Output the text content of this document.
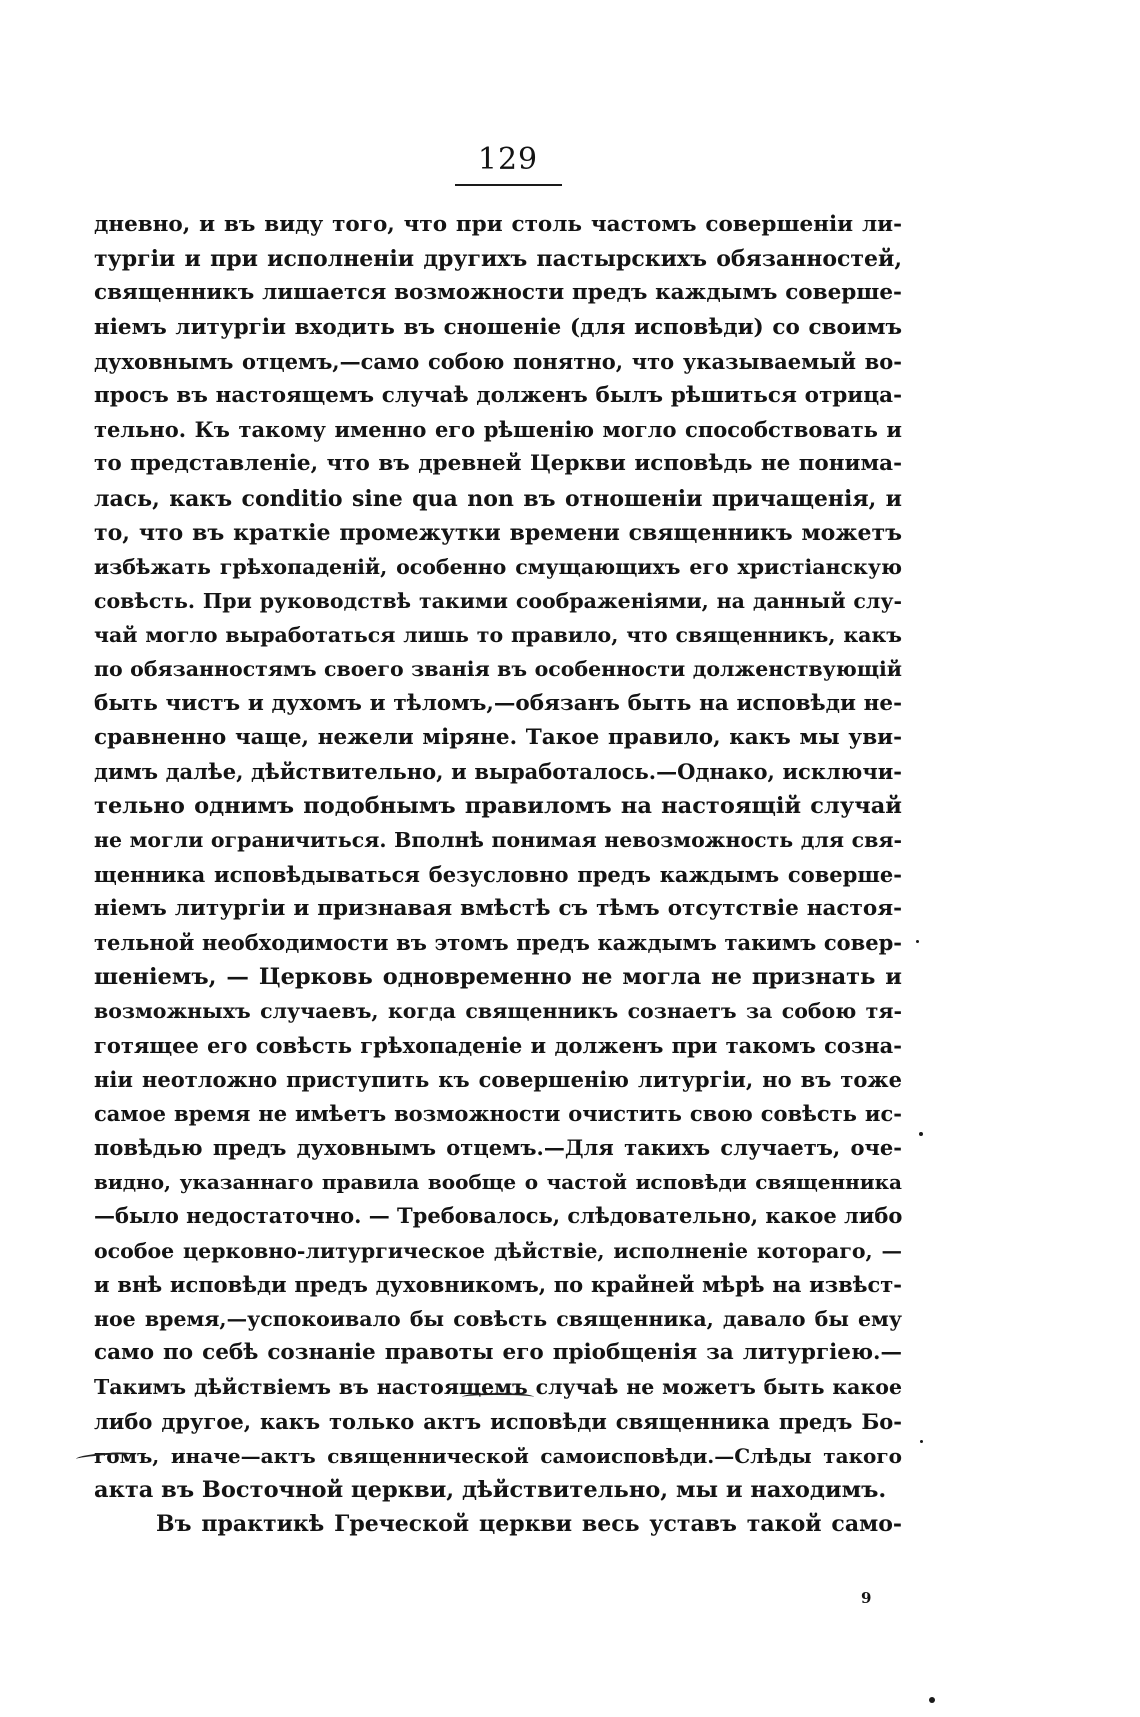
129
дневно, и въ виду того, что при столь частомъ совершеніи ли-
тургіи и при исполненіи другихъ пастырскихъ обязанностей,
священникъ лишается возможности предъ каждымъ соверше-
ніемъ литургіи входить въ сношеніе (для исповѣди) со своимъ
духовнымъ отцемъ,—само собою понятно, что указываемый во-
просъ въ настоящемъ случаѣ долженъ былъ рѣшиться отрица-
тельно. Къ такому именно его рѣшенію могло способствовать и
то представленіе, что въ древней Церкви исповѣдь не понима-
лась, какъ conditio sine qua non въ отношеніи причащенія, и
то, что въ краткіе промежутки времени священникъ можетъ
избѣжать грѣхопаденій, особенно смущающихъ его христіанскую
совѣсть. При руководствѣ такими соображеніями, на данный слу-
чай могло выработаться лишь то правило, что священникъ, какъ
по обязанностямъ своего званія въ особенности долженствующій
быть чистъ и духомъ и тѣломъ,—обязанъ быть на исповѣди не-
сравненно чаще, нежели міряне. Такое правило, какъ мы уви-
димъ далѣе, дѣйствительно, и выработалось.—Однако, исключи-
тельно однимъ подобнымъ правиломъ на настоящій случай
не могли ограничиться. Вполнѣ понимая невозможность для свя-
щенника исповѣдываться безусловно предъ каждымъ соверше-
ніемъ литургіи и признавая вмѣстѣ съ тѣмъ отсутствіе настоя-
тельной необходимости въ этомъ предъ каждымъ такимъ совер-
шеніемъ, — Церковь одновременно не могла не признать и
возможныхъ случаевъ, когда священникъ сознаетъ за собою тя-
готящее его совѣсть грѣхопаденіе и долженъ при такомъ созна-
ніи неотложно приступить къ совершенію литургіи, но въ тоже
самое время не имѣетъ возможности очистить свою совѣсть ис-
повѣдью предъ духовнымъ отцемъ.—Для такихъ случаетъ, оче-
видно, указаннаго правила вообще о частой исповѣди священника
—было недостаточно. — Требовалось, слѣдовательно, какое либо
особое церковно-литургическое дѣйствіе, исполненіе котораго, —
и внѣ исповѣди предъ духовникомъ, по крайней мѣрѣ на извѣст-
ное время,—успокоивало бы совѣсть священника, давало бы ему
само по себѣ сознаніе правоты его пріобщенія за литургіею.—
Такимъ дѣйствіемъ въ настоящемъ случаѣ не можетъ быть какое
либо другое, какъ только актъ исповѣди священника предъ Бо-
гомъ, иначе—актъ священнической самоисповѣди.—Слѣды такого
акта въ Восточной церкви, дѣйствительно, мы и находимъ.
Въ практикѣ Греческой церкви весь уставъ такой само-
9
